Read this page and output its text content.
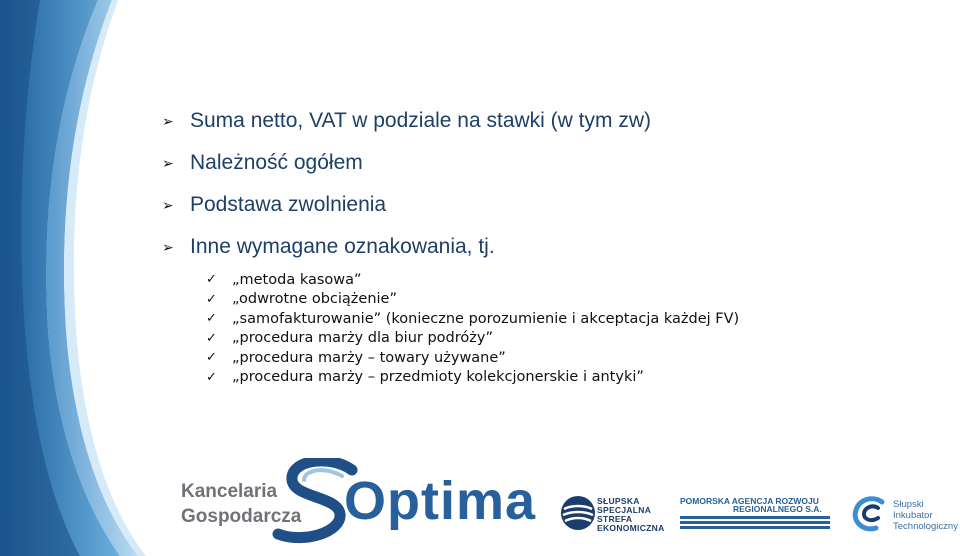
➢ Suma netto, VAT w podziale na stawki (w tym zw)
➢ Należność ogółem
➢ Podstawa zwolnienia
➢ Inne wymagane oznakowania, tj.
✓	„metoda kasowa”
✓	„odwrotne obciążenie”
✓	„samofakturowanie” (konieczne porozumienie i akceptacja każdej FV)
✓	„procedura marży dla biur podróży”
✓	„procedura marży – towary używane”
✓	„procedura marży – przedmioty kolekcjonerskie i antyki”
Kancelaria
Gospodarcza Optima	SŁUPSKA
SPECJALNA
STREFA
EKONOMICZNA
POMORSKA AGENCJA ROZWOJU
REGIONALNEGO S.A.	Słupski
Inkubator
Technologiczny
